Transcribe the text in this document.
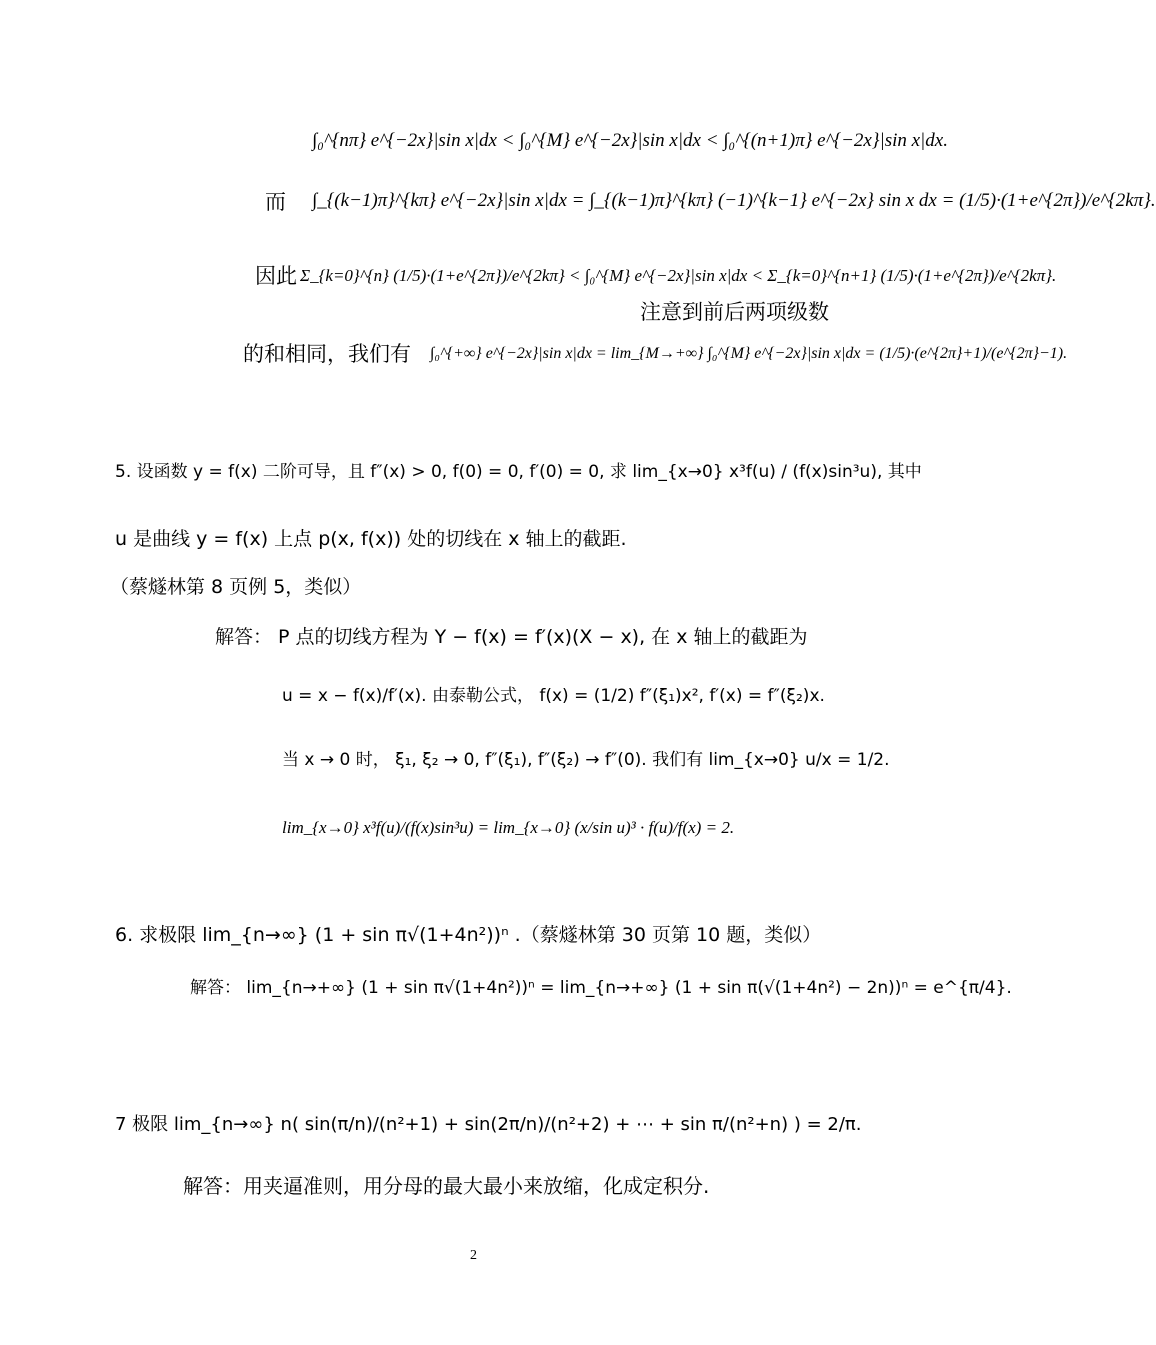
∫₀^{nπ} e^{−2x}|sin x|dx < ∫₀^{M} e^{−2x}|sin x|dx < ∫₀^{(n+1)π} e^{−2x}|sin x|dx.
而 ∫_{(k−1)π}^{kπ} e^{−2x}|sin x|dx = ∫_{(k−1)π}^{kπ} (−1)^{k−1} e^{−2x} sin x dx = (1/5)·(1+e^{2π})/e^{2kπ}.
因此 Σ_{k=0}^{n} (1/5)·(1+e^{2π})/e^{2kπ} < ∫₀^{M} e^{−2x}|sin x|dx < Σ_{k=0}^{n+1} (1/5)·(1+e^{2π})/e^{2kπ}.
注意到前后两项级数
的和相同，我们有 ∫₀^{+∞} e^{−2x}|sin x|dx = lim_{M→+∞} ∫₀^{M} e^{−2x}|sin x|dx = (1/5)·(e^{2π}+1)/(e^{2π}−1).
5. 设函数 y = f(x) 二阶可导，且 f″(x) > 0, f(0) = 0, f′(0) = 0, 求 lim_{x→0} x³f(u) / (f(x)sin³u), 其中
u 是曲线 y = f(x) 上点 p(x, f(x)) 处的切线在 x 轴上的截距.
（蔡燧林第 8 页例 5，类似）
解答： P 点的切线方程为 Y − f(x) = f′(x)(X − x), 在 x 轴上的截距为
u = x − f(x)/f′(x). 由泰勒公式， f(x) = (1/2) f″(ξ₁)x², f′(x) = f″(ξ₂)x.
当 x → 0 时， ξ₁, ξ₂ → 0, f″(ξ₁), f″(ξ₂) → f″(0). 我们有 lim_{x→0} u/x = 1/2.
lim_{x→0} x³f(u)/(f(x)sin³u) = lim_{x→0} (x/sin u)³ · f(u)/f(x) = 2.
6. 求极限 lim_{n→∞} (1 + sin π√(1+4n²))ⁿ .（蔡燧林第 30 页第 10 题，类似）
解答： lim_{n→+∞} (1 + sin π√(1+4n²))ⁿ = lim_{n→+∞} (1 + sin π(√(1+4n²) − 2n))ⁿ = e^{π/4}.
7 极限 lim_{n→∞} n( sin(π/n)/(n²+1) + sin(2π/n)/(n²+2) + ⋯ + sin π/(n²+n) ) = 2/π.
解答：用夹逼准则，用分母的最大最小来放缩，化成定积分.
2
